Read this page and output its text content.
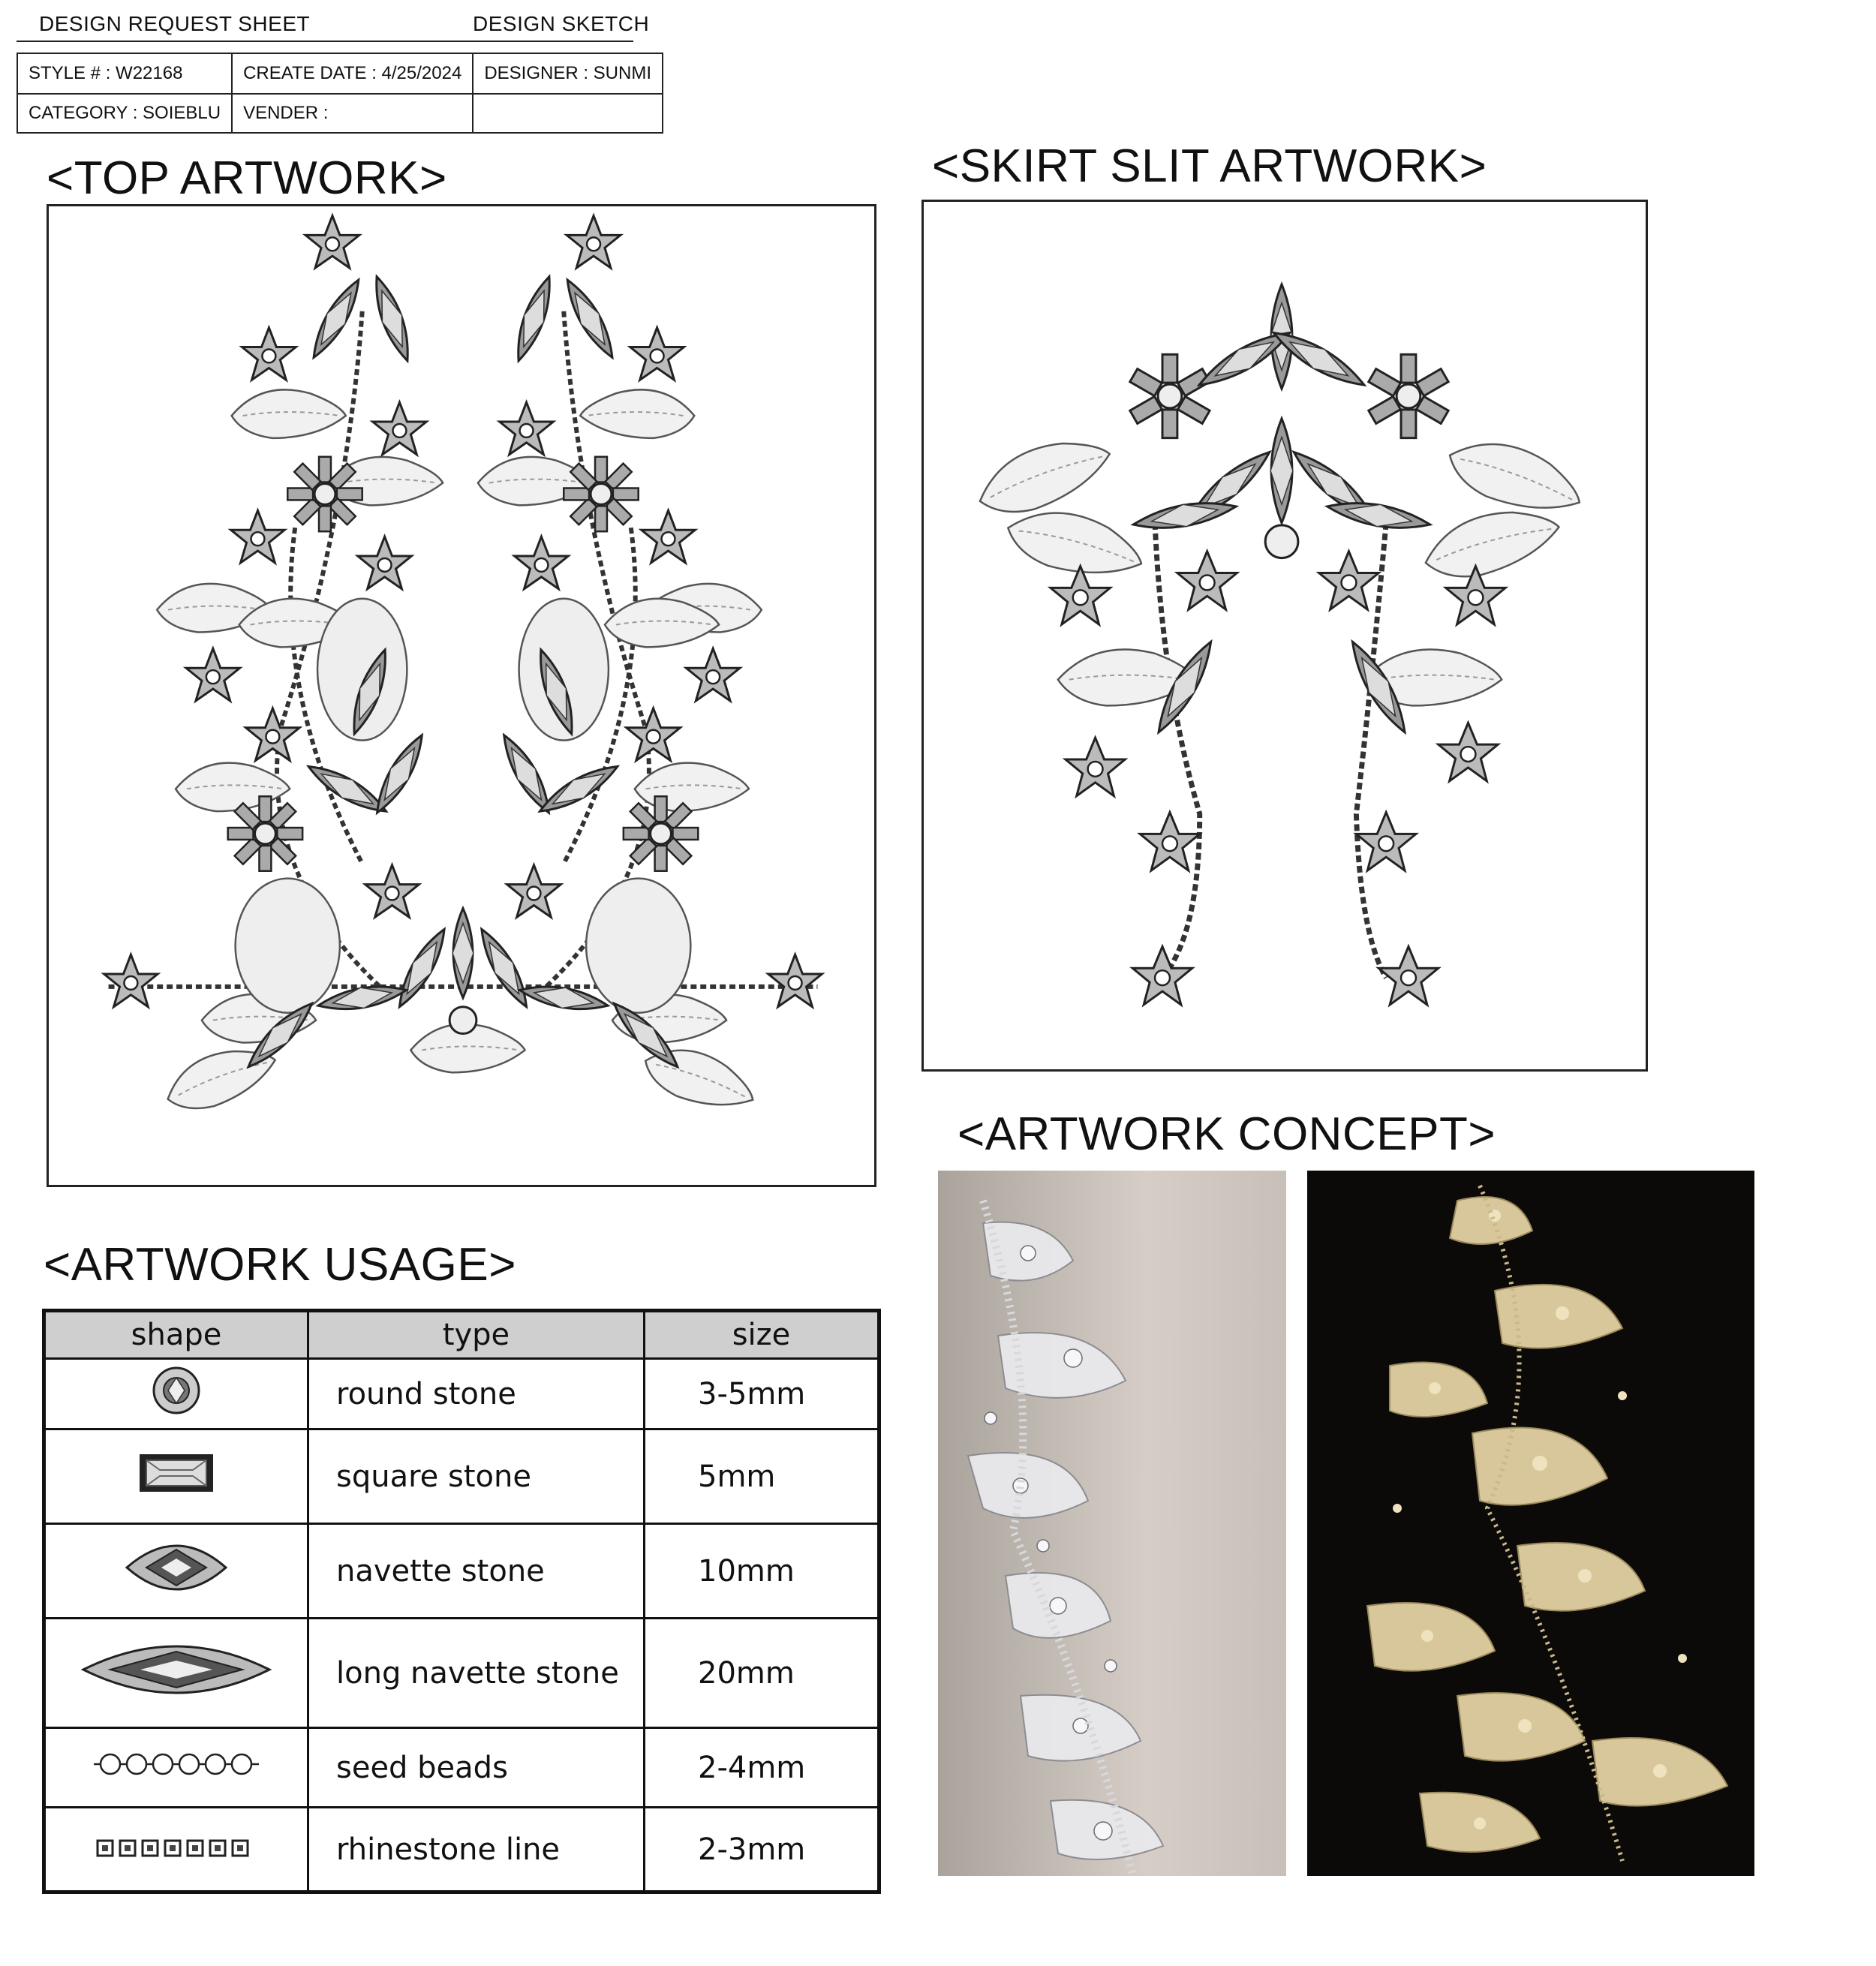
DESIGN REQUEST SHEET	DESIGN SKETCH
STYLE # : W22168	CREATE DATE : 4/25/2024	DESIGNER : SUNMI
CATEGORY : SOIEBLU	VENDER :	
<TOP ARTWORK>	<SKIRT SLIT ARTWORK>
<ARTWORK CONCEPT>
<ARTWORK USAGE>
shape	type	size
	round stone	3-5mm
	square stone	5mm
	navette stone	10mm
	long navette stone	20mm
	seed beads	2-4mm
	rhinestone line	2-3mm
